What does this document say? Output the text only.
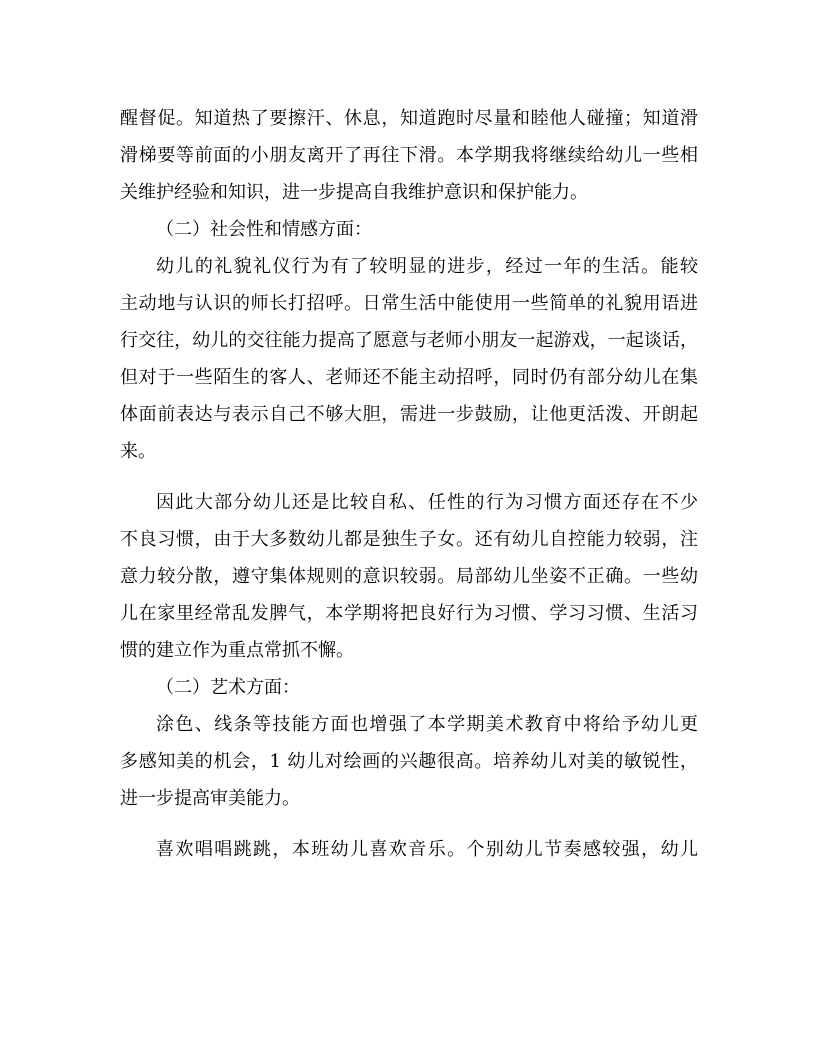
醒督促。知道热了要擦汗、休息，知道跑时尽量和睦他人碰撞；知道滑
滑梯要等前面的小朋友离开了再往下滑。本学期我将继续给幼儿一些相
关维护经验和知识，进一步提高自我维护意识和保护能力。
（二）社会性和情感方面：
幼儿的礼貌礼仪行为有了较明显的进步，经过一年的生活。能较
主动地与认识的师长打招呼。日常生活中能使用一些简单的礼貌用语进
行交往，幼儿的交往能力提高了愿意与老师小朋友一起游戏，一起谈话，
但对于一些陌生的客人、老师还不能主动招呼，同时仍有部分幼儿在集
体面前表达与表示自己不够大胆，需进一步鼓励，让他更活泼、开朗起
来。
因此大部分幼儿还是比较自私、任性的行为习惯方面还存在不少
不良习惯，由于大多数幼儿都是独生子女。还有幼儿自控能力较弱，注
意力较分散，遵守集体规则的意识较弱。局部幼儿坐姿不正确。一些幼
儿在家里经常乱发脾气，本学期将把良好行为习惯、学习习惯、生活习
惯的建立作为重点常抓不懈。
（二）艺术方面：
涂色、线条等技能方面也增强了本学期美术教育中将给予幼儿更
多感知美的机会，1 幼儿对绘画的兴趣很高。培养幼儿对美的敏锐性，
进一步提高审美能力。
喜欢唱唱跳跳，本班幼儿喜欢音乐。个别幼儿节奏感较强，幼儿
